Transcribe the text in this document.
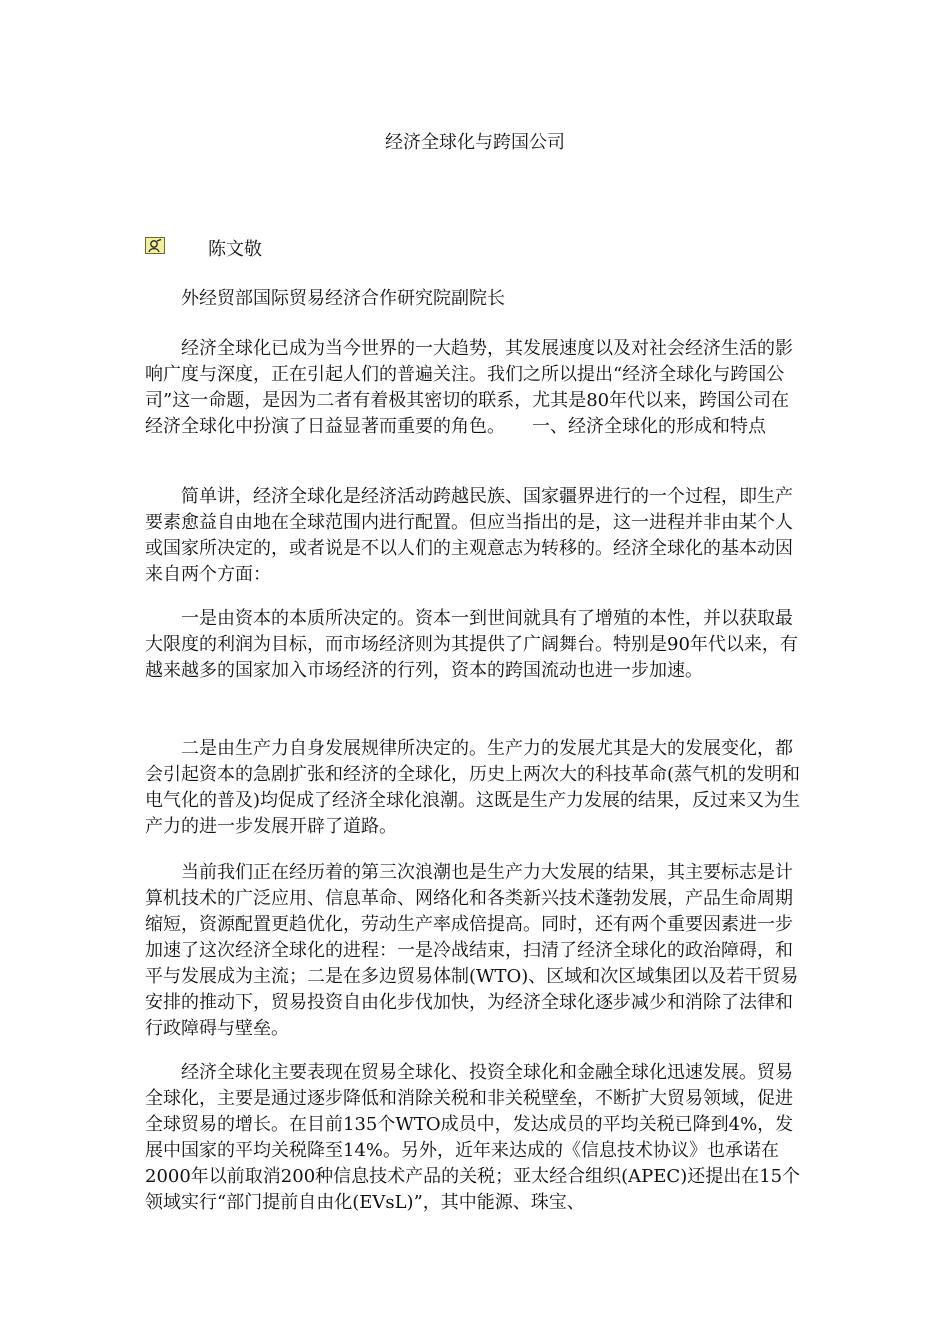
经济全球化与跨国公司
陈文敬
外经贸部国际贸易经济合作研究院副院长

经济全球化已成为当今世界的一大趋势，其发展速度以及对社会经济生活的影响广度与深度，正在引起人们的普遍关注。我们之所以提出“经济全球化与跨国公司”这一命题，是因为二者有着极其密切的联系，尤其是80年代以来，跨国公司在经济全球化中扮演了日益显著而重要的角色。　　一、经济全球化的形成和特点

简单讲，经济全球化是经济活动跨越民族、国家疆界进行的一个过程，即生产要素愈益自由地在全球范围内进行配置。但应当指出的是，这一进程并非由某个人或国家所决定的，或者说是不以人们的主观意志为转移的。经济全球化的基本动因来自两个方面：

一是由资本的本质所决定的。资本一到世间就具有了增殖的本性，并以获取最大限度的利润为目标，而市场经济则为其提供了广阔舞台。特别是90年代以来，有越来越多的国家加入市场经济的行列，资本的跨国流动也进一步加速。

二是由生产力自身发展规律所决定的。生产力的发展尤其是大的发展变化，都会引起资本的急剧扩张和经济的全球化，历史上两次大的科技革命(蒸气机的发明和电气化的普及)均促成了经济全球化浪潮。这既是生产力发展的结果，反过来又为生产力的进一步发展开辟了道路。

当前我们正在经历着的第三次浪潮也是生产力大发展的结果，其主要标志是计算机技术的广泛应用、信息革命、网络化和各类新兴技术蓬勃发展，产品生命周期缩短，资源配置更趋优化，劳动生产率成倍提高。同时，还有两个重要因素进一步加速了这次经济全球化的进程：一是冷战结束，扫清了经济全球化的政治障碍，和平与发展成为主流；二是在多边贸易体制(WTO)、区域和次区域集团以及若干贸易安排的推动下，贸易投资自由化步伐加快，为经济全球化逐步减少和消除了法律和行政障碍与壁垒。

经济全球化主要表现在贸易全球化、投资全球化和金融全球化迅速发展。贸易全球化，主要是通过逐步降低和消除关税和非关税壁垒，不断扩大贸易领域，促进全球贸易的增长。在目前135个WTO成员中，发达成员的平均关税已降到4%，发展中国家的平均关税降至14%。另外，近年来达成的《信息技术协议》也承诺在2000年以前取消200种信息技术产品的关税；亚太经合组织(APEC)还提出在15个领域实行“部门提前自由化(EVsL)”，其中能源、珠宝、
